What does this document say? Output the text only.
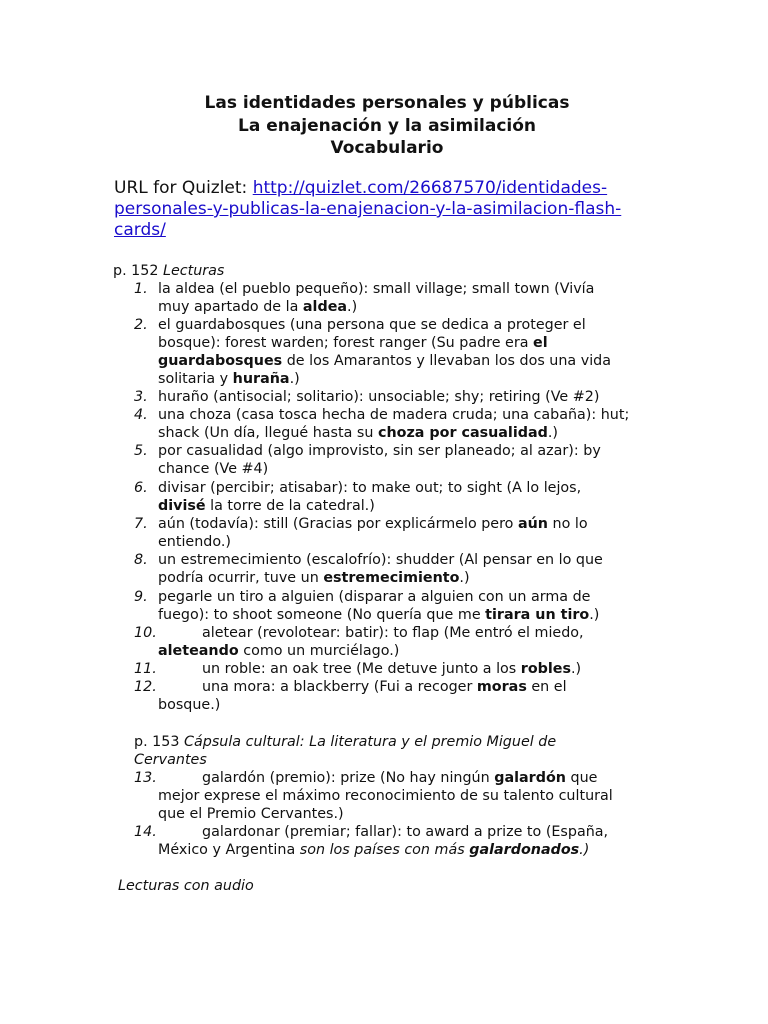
Las identidades personales y públicas
La enajenación y la asimilación
Vocabulario
URL for Quizlet: http://quizlet.com/26687570/identidades-
personales-y-publicas-la-enajenacion-y-la-asimilacion-flash-
cards/
p. 152 Lecturas
1. la aldea (el pueblo pequeño): small village; small town (Vivía
muy apartado de la aldea.)
2. el guardabosques (una persona que se dedica a proteger el
bosque): forest warden; forest ranger (Su padre era el
guardabosques de los Amarantos y llevaban los dos una vida
solitaria y huraña.)
3. huraño (antisocial; solitario): unsociable; shy; retiring (Ve #2)
4. una choza (casa tosca hecha de madera cruda; una cabaña): hut;
shack (Un día, llegué hasta su choza por casualidad.)
5. por casualidad (algo improvisto, sin ser planeado; al azar): by
chance (Ve #4)
6. divisar (percibir; atisabar): to make out; to sight (A lo lejos,
divisé la torre de la catedral.)
7. aún (todavía): still (Gracias por explicármelo pero aún no lo
entiendo.)
8. un estremecimiento (escalofrío): shudder (Al pensar en lo que
podría ocurrir, tuve un estremecimiento.)
9. pegarle un tiro a alguien (disparar a alguien con un arma de
fuego): to shoot someone (No quería que me tirara un tiro.)
10.	aletear (revolotear: batir): to flap (Me entró el miedo,
aleteando como un murciélago.)
11.	un roble: an oak tree (Me detuve junto a los robles.)
12.	una mora: a blackberry (Fui a recoger moras en el
bosque.)
p. 153 Cápsula cultural: La literatura y el premio Miguel de
Cervantes
13.	galardón (premio): prize (No hay ningún galardón que
mejor exprese el máximo reconocimiento de su talento cultural
que el Premio Cervantes.)
14.	galardonar (premiar; fallar): to award a prize to (España,
México y Argentina son los países con más galardonados.)
Lecturas con audio
